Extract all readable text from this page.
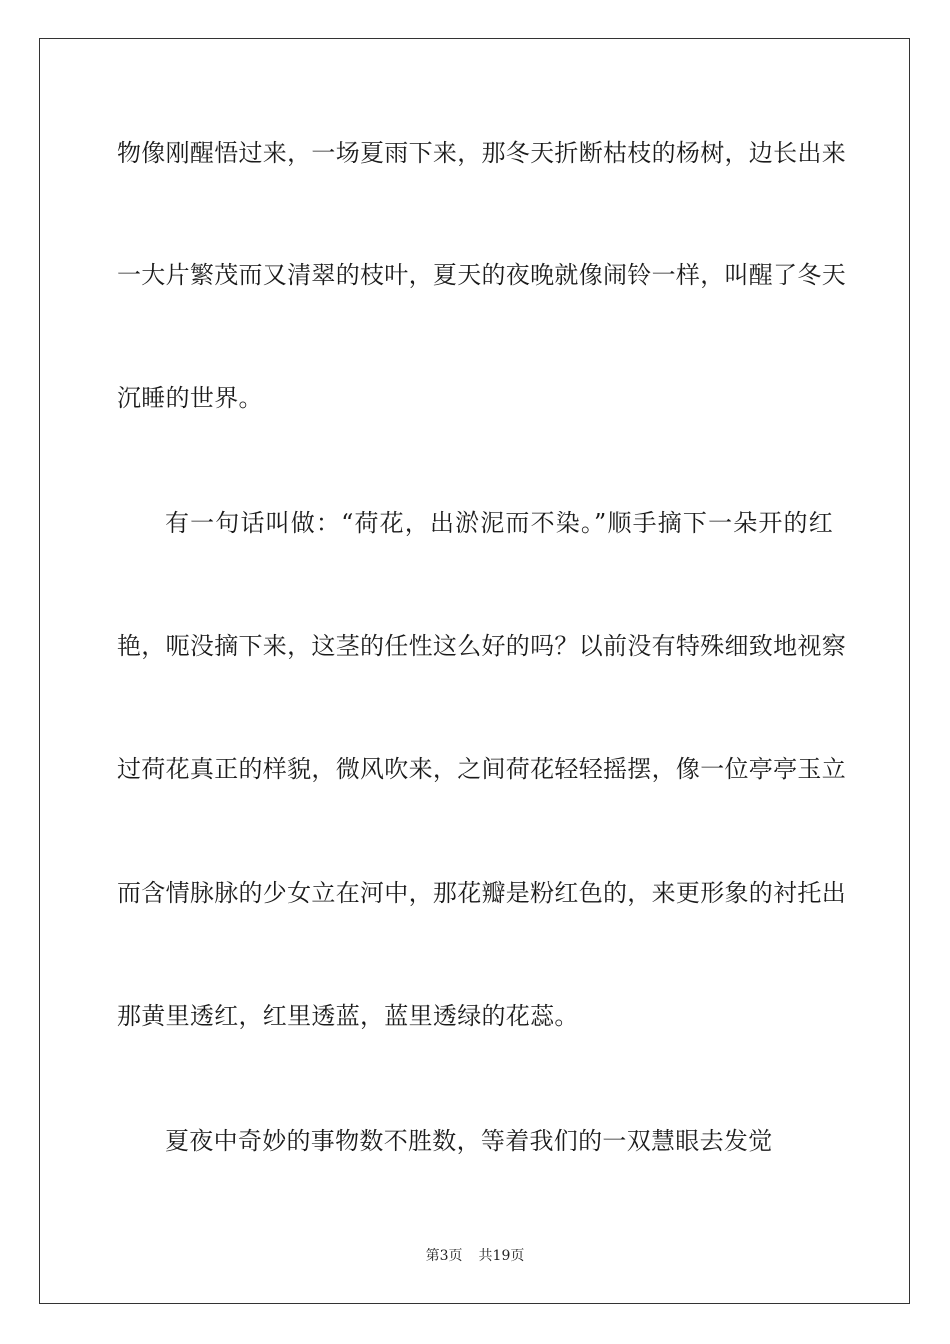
物像刚醒悟过来，一场夏雨下来，那冬天折断枯枝的杨树，边长出来
一大片繁茂而又清翠的枝叶，夏天的夜晚就像闹铃一样，叫醒了冬天
沉睡的世界。
有一句话叫做：“荷花，出淤泥而不染。”顺手摘下一朵开的红
艳，呃没摘下来，这茎的任性这么好的吗？以前没有特殊细致地视察
过荷花真正的样貌，微风吹来，之间荷花轻轻摇摆，像一位亭亭玉立
而含情脉脉的少女立在河中，那花瓣是粉红色的，来更形象的衬托出
那黄里透红，红里透蓝，蓝里透绿的花蕊。
夏夜中奇妙的事物数不胜数，等着我们的一双慧眼去发觉
第3页 共19页
